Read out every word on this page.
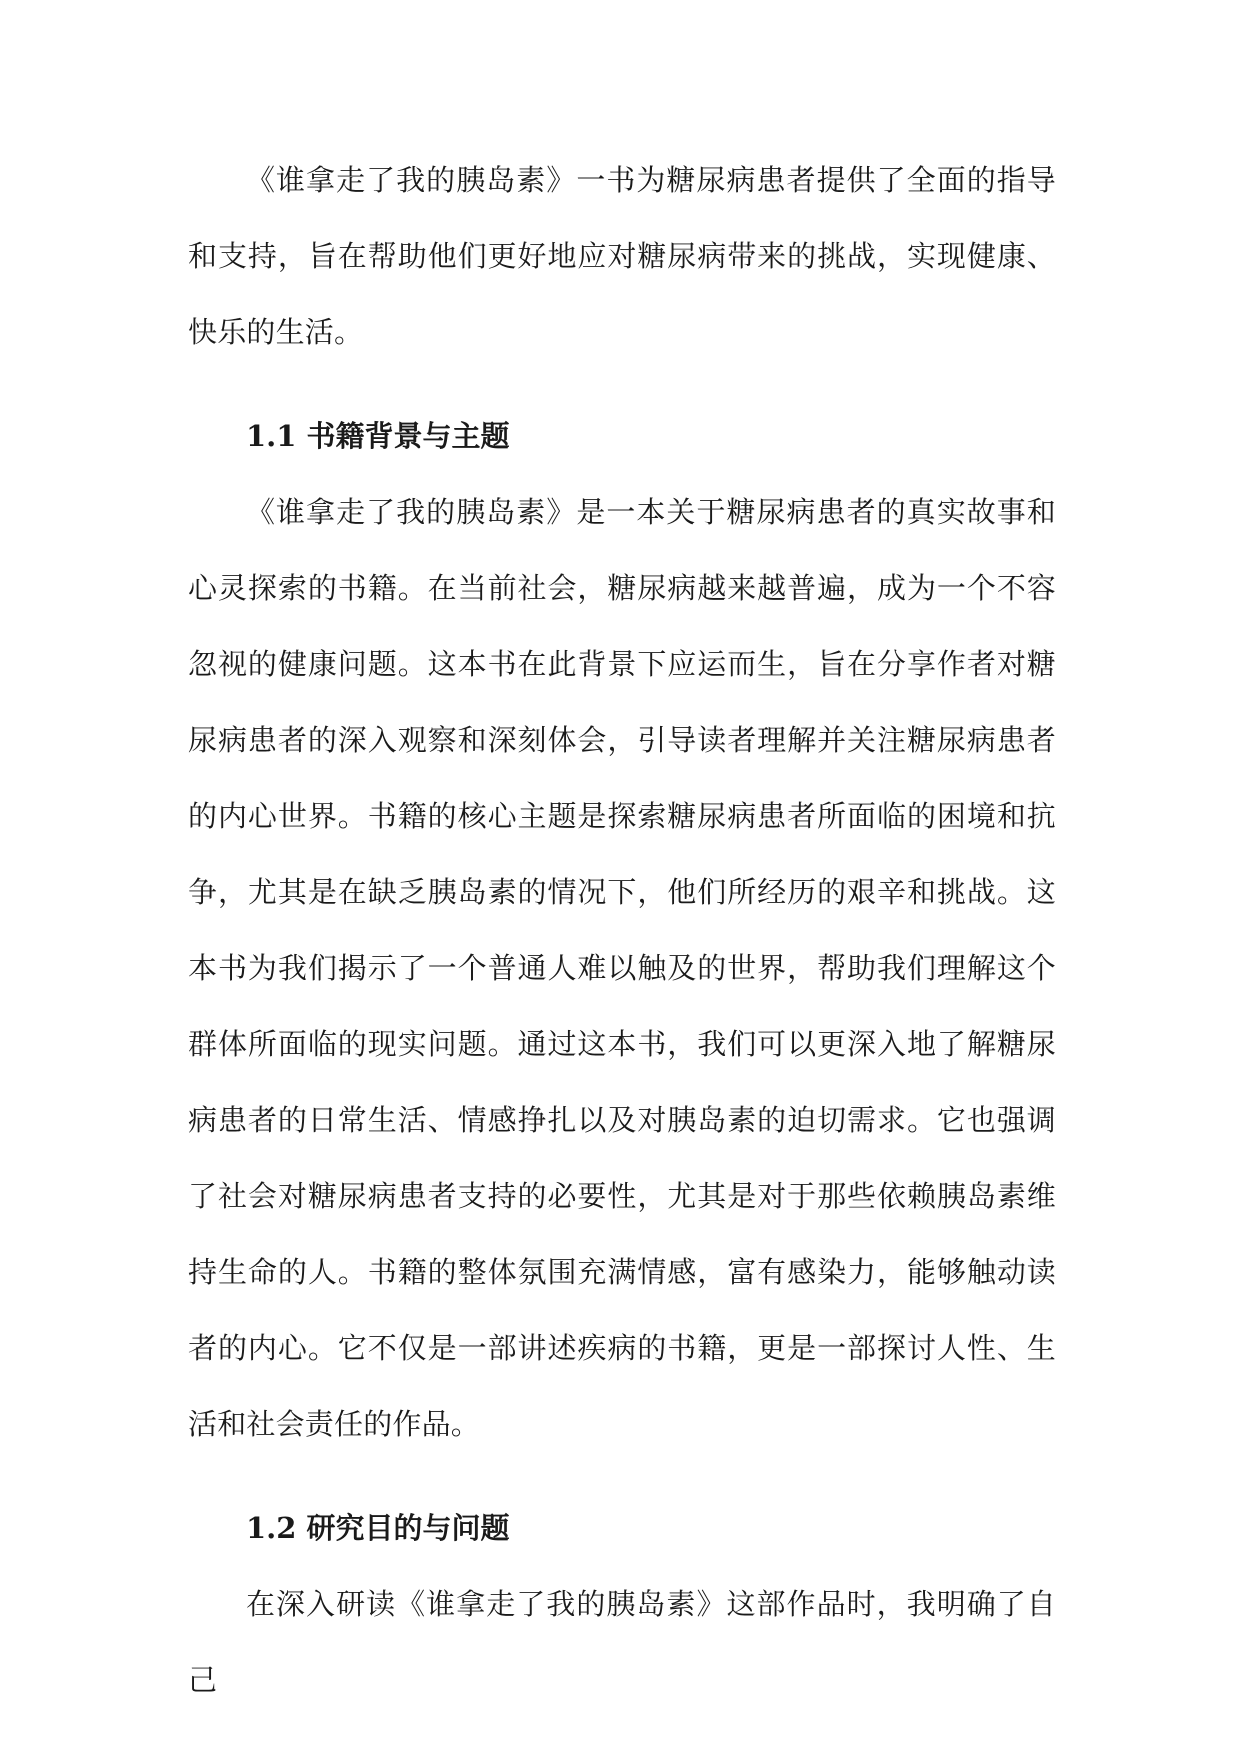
《谁拿走了我的胰岛素》一书为糖尿病患者提供了全面的指导和支持，旨在帮助他们更好地应对糖尿病带来的挑战，实现健康、快乐的生活。

1.1 书籍背景与主题

《谁拿走了我的胰岛素》是一本关于糖尿病患者的真实故事和心灵探索的书籍。在当前社会，糖尿病越来越普遍，成为一个不容忽视的健康问题。这本书在此背景下应运而生，旨在分享作者对糖尿病患者的深入观察和深刻体会，引导读者理解并关注糖尿病患者的内心世界。书籍的核心主题是探索糖尿病患者所面临的困境和抗争，尤其是在缺乏胰岛素的情况下，他们所经历的艰辛和挑战。这本书为我们揭示了一个普通人难以触及的世界，帮助我们理解这个群体所面临的现实问题。通过这本书，我们可以更深入地了解糖尿病患者的日常生活、情感挣扎以及对胰岛素的迫切需求。它也强调了社会对糖尿病患者支持的必要性，尤其是对于那些依赖胰岛素维持生命的人。书籍的整体氛围充满情感，富有感染力，能够触动读者的内心。它不仅是一部讲述疾病的书籍，更是一部探讨人性、生活和社会责任的作品。

1.2 研究目的与问题

在深入研读《谁拿走了我的胰岛素》这部作品时，我明确了自己
